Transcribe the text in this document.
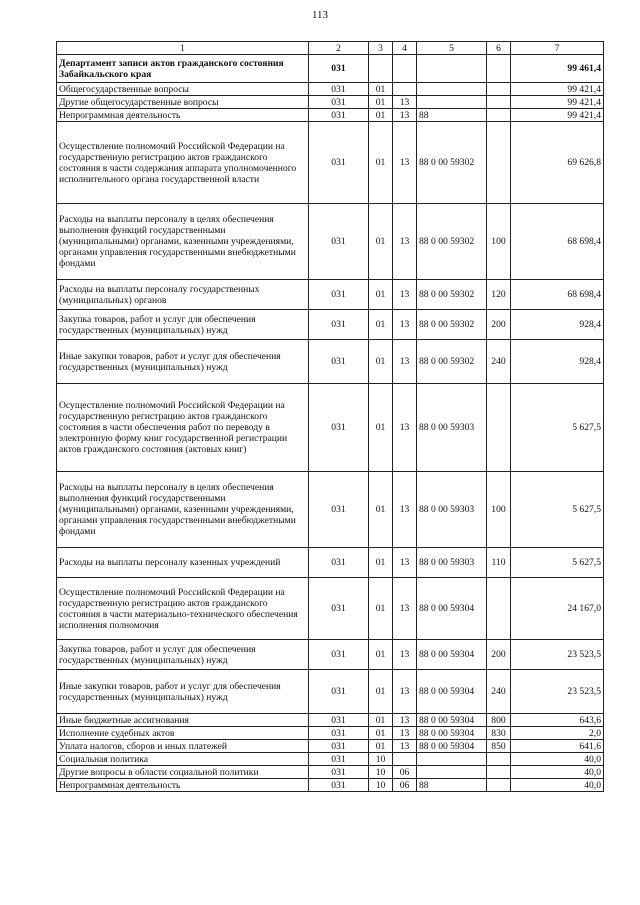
113
1	2	3	4	5	6	7
Департамент записи актов гражданского состояния Забайкальского края	031					99 461,4
Общегосударственные вопросы	031	01				99 421,4
Другие общегосударственные вопросы	031	01	13			99 421,4
Непрограммная деятельность	031	01	13	88		99 421,4
Осуществление полномочий Российской Федерации на государственную регистрацию актов гражданского состояния в части содержания аппарата уполномоченного исполнительного органа государственной власти	031	01	13	88 0 00 59302		69 626,8
Расходы на выплаты персоналу в целях обеспечения выполнения функций государственными (муниципальными) органами, казенными учреждениями, органами управления государственными внебюджетными фондами	031	01	13	88 0 00 59302	100	68 698,4
Расходы на выплаты персоналу государственных (муниципальных) органов	031	01	13	88 0 00 59302	120	68 698,4
Закупка товаров, работ и услуг для обеспечения государственных (муниципальных) нужд	031	01	13	88 0 00 59302	200	928,4
Иные закупки товаров, работ и услуг для обеспечения государственных (муниципальных) нужд	031	01	13	88 0 00 59302	240	928,4
Осуществление полномочий Российской Федерации на государственную регистрацию актов гражданского состояния в части обеспечения работ по переводу в электронную форму книг государственной регистрации актов гражданского состояния (актовых книг)	031	01	13	88 0 00 59303		5 627,5
Расходы на выплаты персоналу в целях обеспечения выполнения функций государственными (муниципальными) органами, казенными учреждениями, органами управления государственными внебюджетными фондами	031	01	13	88 0 00 59303	100	5 627,5
Расходы на выплаты персоналу казенных учреждений	031	01	13	88 0 00 59303	110	5 627,5
Осуществление полномочий Российской Федерации на государственную регистрацию актов гражданского состояния в части материально-технического обеспечения исполнения полномочия	031	01	13	88 0 00 59304		24 167,0
Закупка товаров, работ и услуг для обеспечения государственных (муниципальных) нужд	031	01	13	88 0 00 59304	200	23 523,5
Иные закупки товаров, работ и услуг для обеспечения государственных (муниципальных) нужд	031	01	13	88 0 00 59304	240	23 523,5
Иные бюджетные ассигнования	031	01	13	88 0 00 59304	800	643,6
Исполнение судебных актов	031	01	13	88 0 00 59304	830	2,0
Уплата налогов, сборов и иных платежей	031	01	13	88 0 00 59304	850	641,6
Социальная политика	031	10				40,0
Другие вопросы в области социальной политики	031	10	06			40,0
Непрограммная деятельность	031	10	06	88		40,0
